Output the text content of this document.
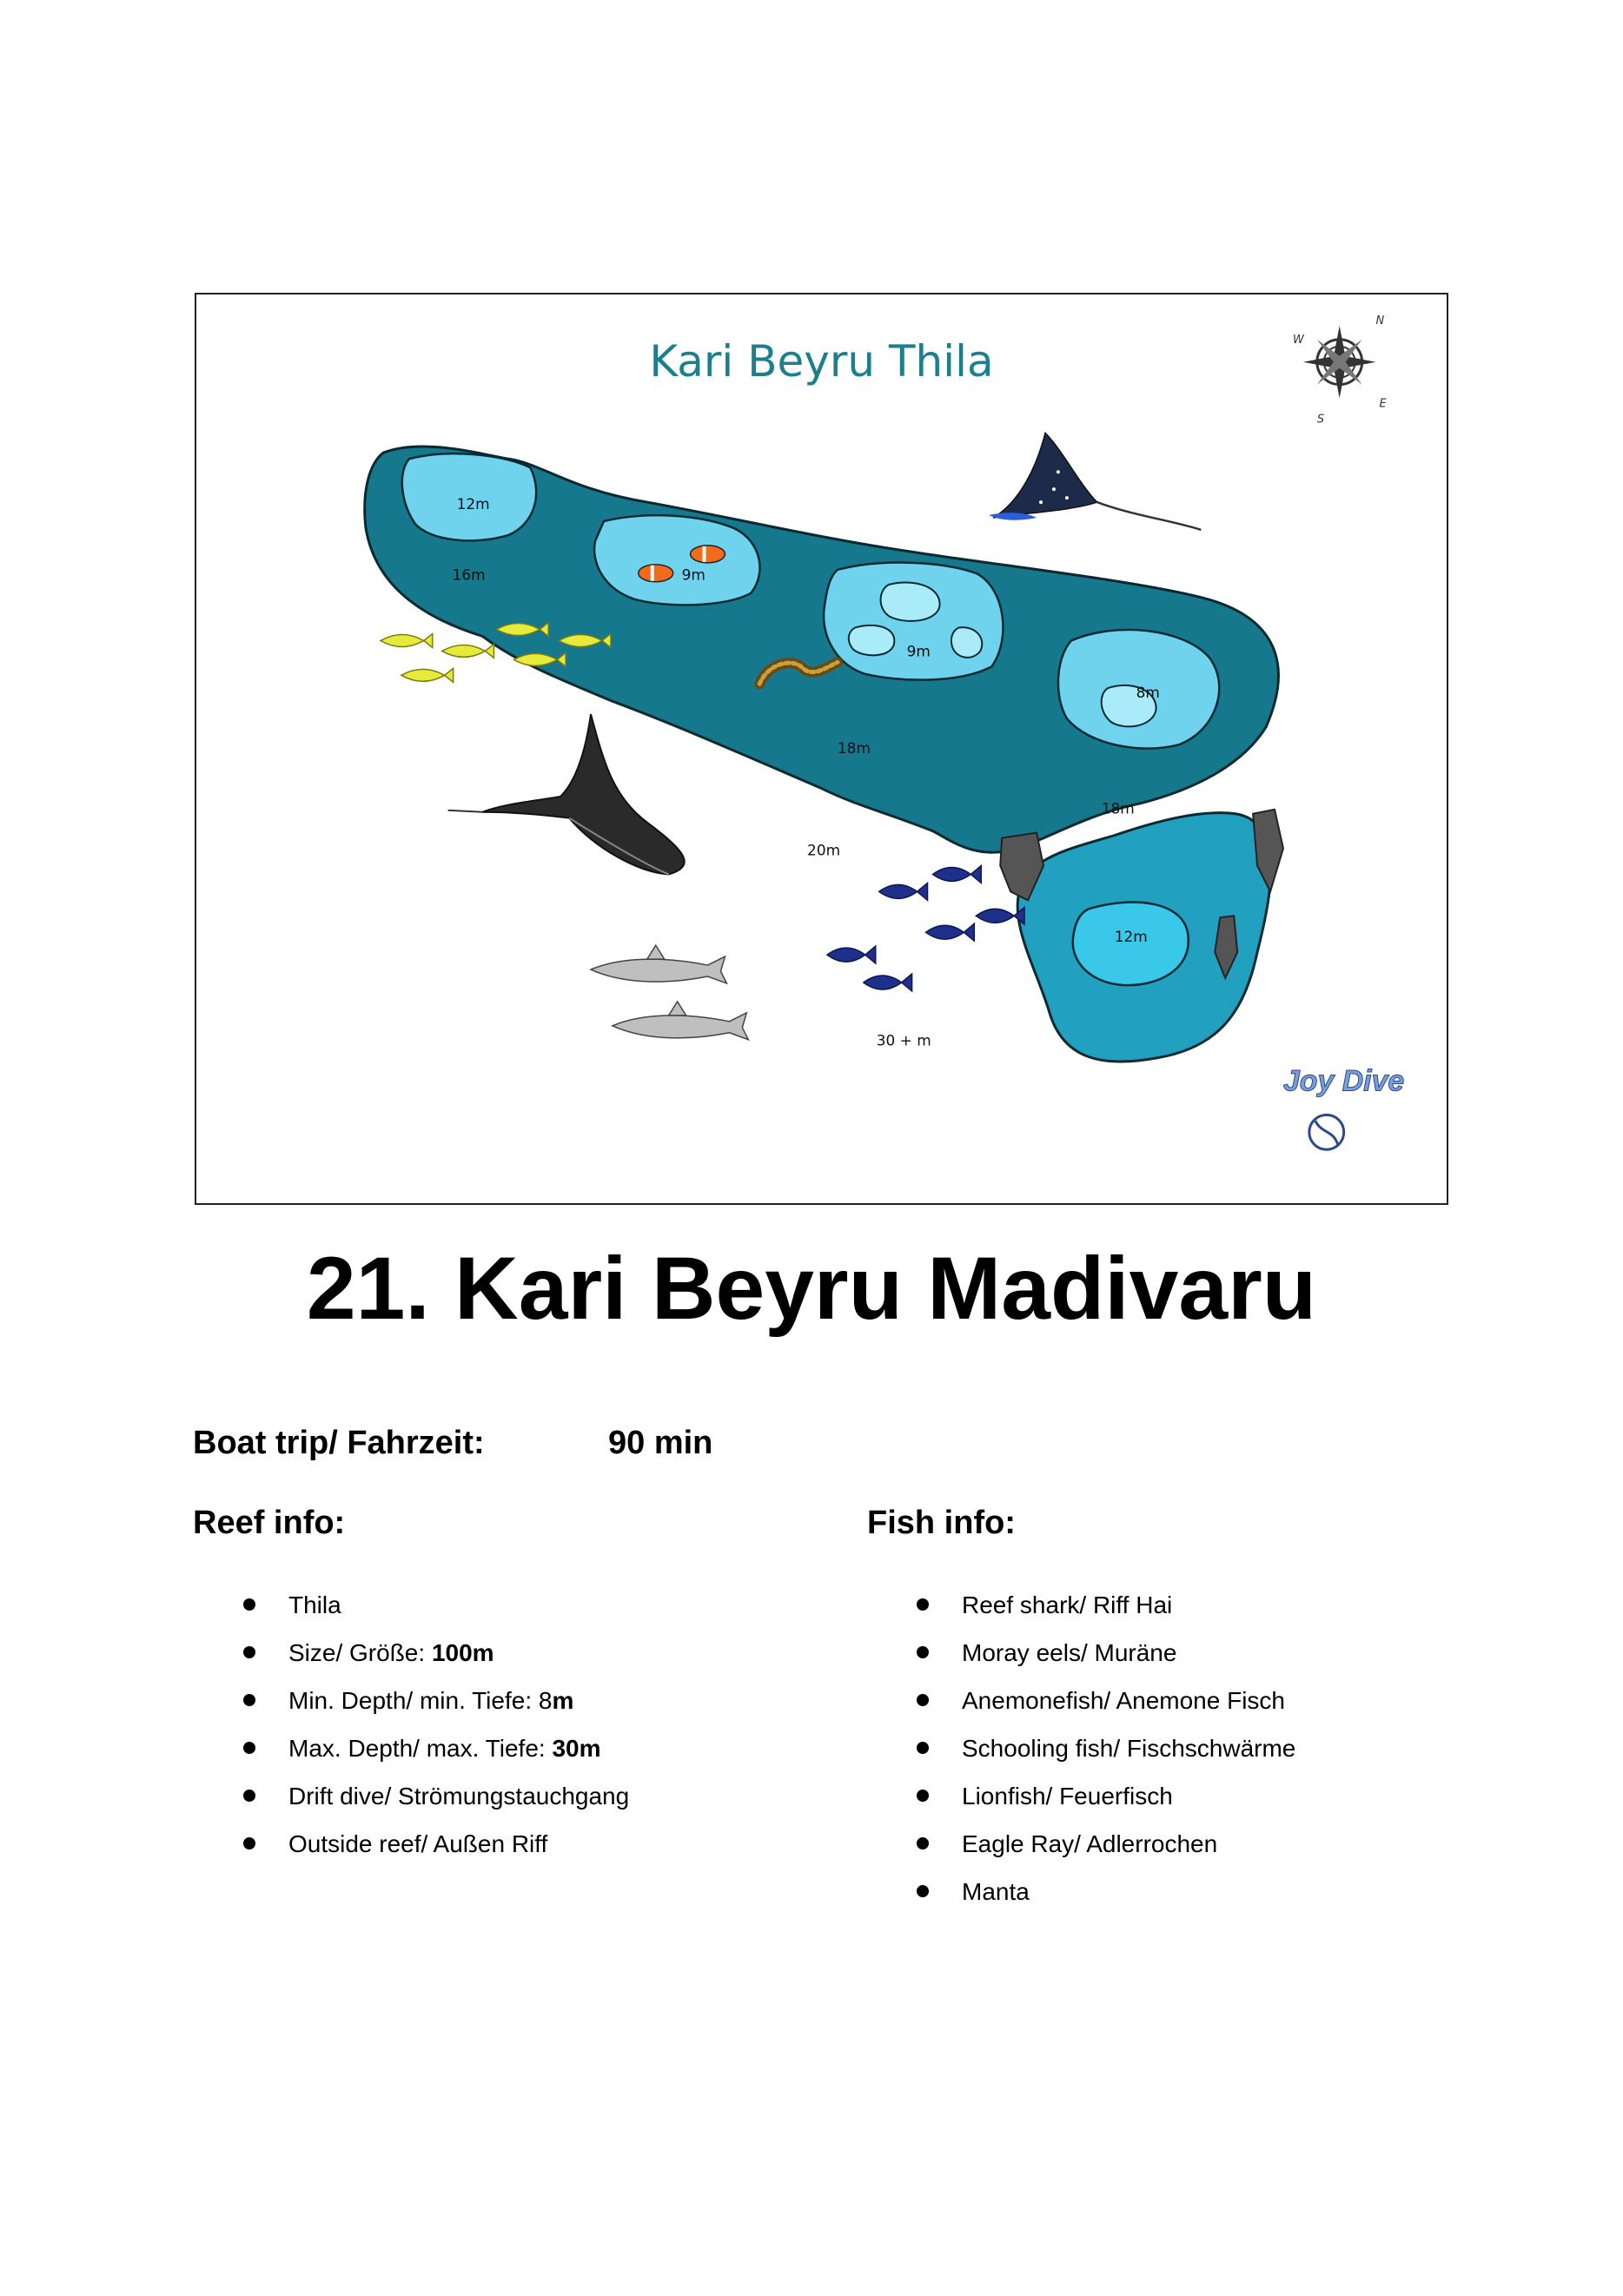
12m
16m	9m
9m
8m
18m
18m
20m
12m
30 + m
N
E
S
W
Joy Dive
Kari Beyru Thila
21. Kari Beyru Madivaru
Boat trip/ Fahrzeit:	90 min
Reef info:	Fish info:
Thila
Size/ Größe: 100m
Min. Depth/ min. Tiefe: 8m
Max. Depth/ max. Tiefe: 30m
Drift dive/ Strömungstauchgang
Outside reef/ Außen Riff
Reef shark/ Riff Hai
Moray eels/ Muräne
Anemonefish/ Anemone Fisch
Schooling fish/ Fischschwärme
Lionfish/ Feuerfisch
Eagle Ray/ Adlerrochen
Manta
